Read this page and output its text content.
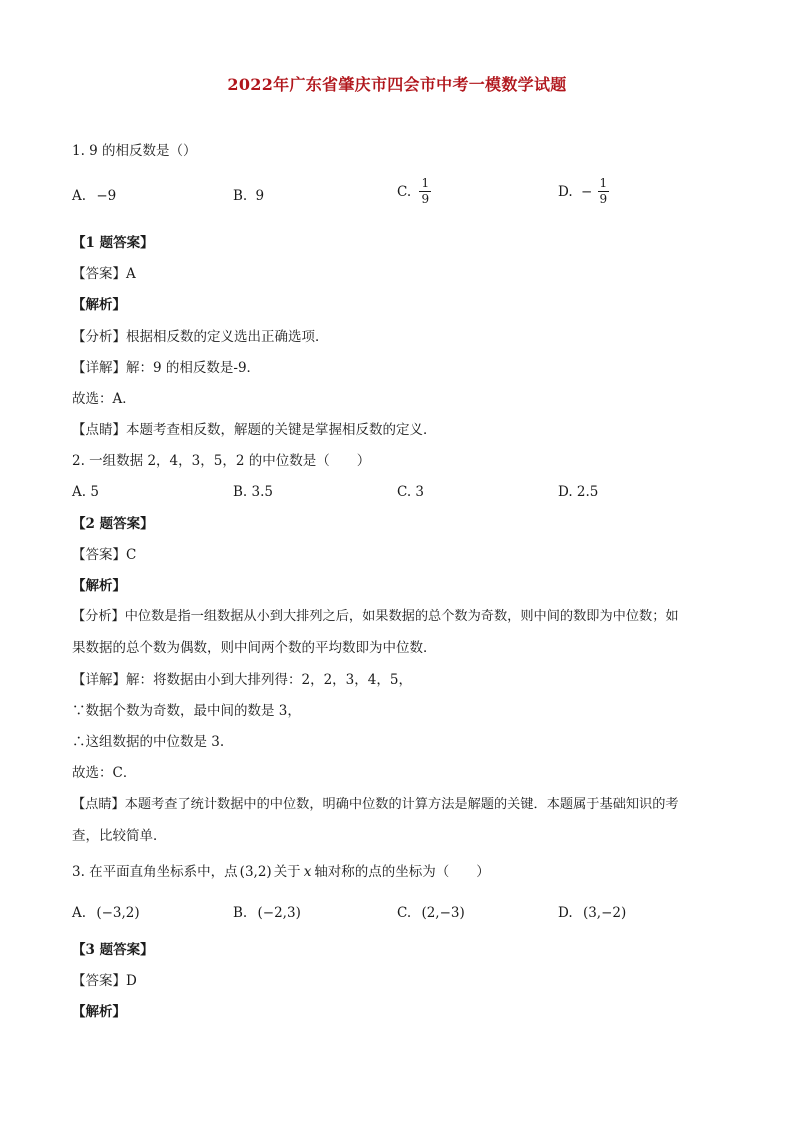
2022年广东省肇庆市四会市中考一模数学试题
1. 9 的相反数是（）
A. −9	B. 9	C. $\frac{1}{9}$	D. − $\frac{1}{9}$
【1 题答案】
【答案】A
【解析】
【分析】根据相反数的定义选出正确选项．
【详解】解：9 的相反数是-9．
故选：A．
【点睛】本题考查相反数，解题的关键是掌握相反数的定义．
2. 一组数据 2，4，3，5，2 的中位数是（　　）
A. 5	B. 3.5	C. 3	D. 2.5
【2 题答案】
【答案】C
【解析】
【分析】中位数是指一组数据从小到大排列之后，如果数据的总个数为奇数，则中间的数即为中位数；如
果数据的总个数为偶数，则中间两个数的平均数即为中位数．
【详解】解：将数据由小到大排列得：2，2，3，4，5，
∵数据个数为奇数，最中间的数是 3，
∴这组数据的中位数是 3.
故选：C．
【点睛】本题考查了统计数据中的中位数，明确中位数的计算方法是解题的关键．本题属于基础知识的考
查，比较简单．
3. 在平面直角坐标系中，点 (3,2) 关于 x 轴对称的点的坐标为（　　）
A. (−3,2)	B. (−2,3)	C. (2,−3)	D. (3,−2)
【3 题答案】
【答案】D
【解析】
